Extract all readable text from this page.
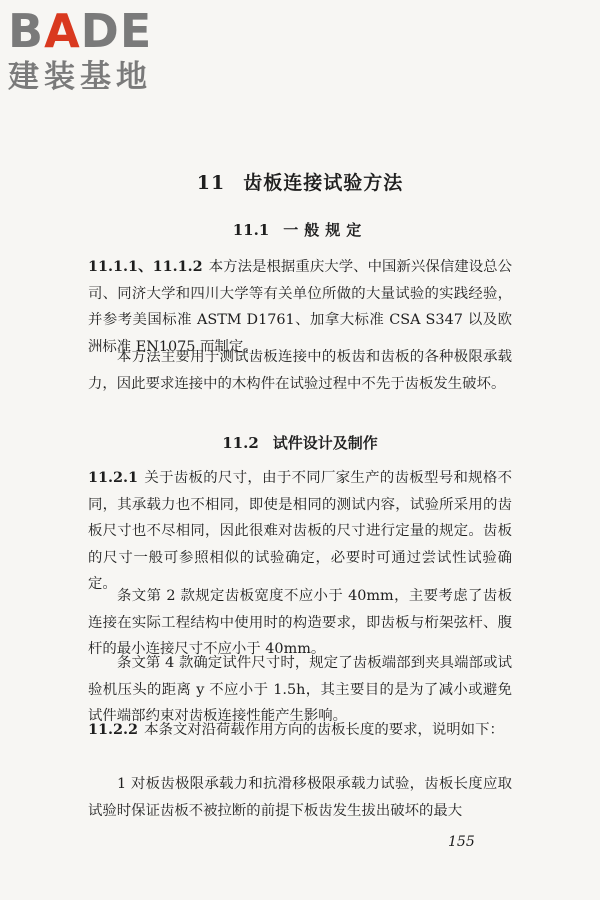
BADE
建装基地
11 齿板连接试验方法
11.1 一般规定

11.1.1、11.1.2 本方法是根据重庆大学、中国新兴保信建设总公司、同济大学和四川大学等有关单位所做的大量试验的实践经验，并参考美国标准 ASTM D1761、加拿大标准 CSA S347 以及欧洲标准 EN1075 而制定。

本方法主要用于测试齿板连接中的板齿和齿板的各种极限承载力，因此要求连接中的木构件在试验过程中不先于齿板发生破坏。

11.2 试件设计及制作

11.2.1 关于齿板的尺寸，由于不同厂家生产的齿板型号和规格不同，其承载力也不相同，即使是相同的测试内容，试验所采用的齿板尺寸也不尽相同，因此很难对齿板的尺寸进行定量的规定。齿板的尺寸一般可参照相似的试验确定，必要时可通过尝试性试验确定。

条文第 2 款规定齿板宽度不应小于 40mm，主要考虑了齿板连接在实际工程结构中使用时的构造要求，即齿板与桁架弦杆、腹杆的最小连接尺寸不应小于 40mm。

条文第 4 款确定试件尺寸时，规定了齿板端部到夹具端部或试验机压头的距离 y 不应小于 1.5h，其主要目的是为了减小或避免试件端部约束对齿板连接性能产生影响。

11.2.2 本条文对沿荷载作用方向的齿板长度的要求，说明如下：

1 对板齿极限承载力和抗滑移极限承载力试验，齿板长度应取试验时保证齿板不被拉断的前提下板齿发生拔出破坏的最大

155
